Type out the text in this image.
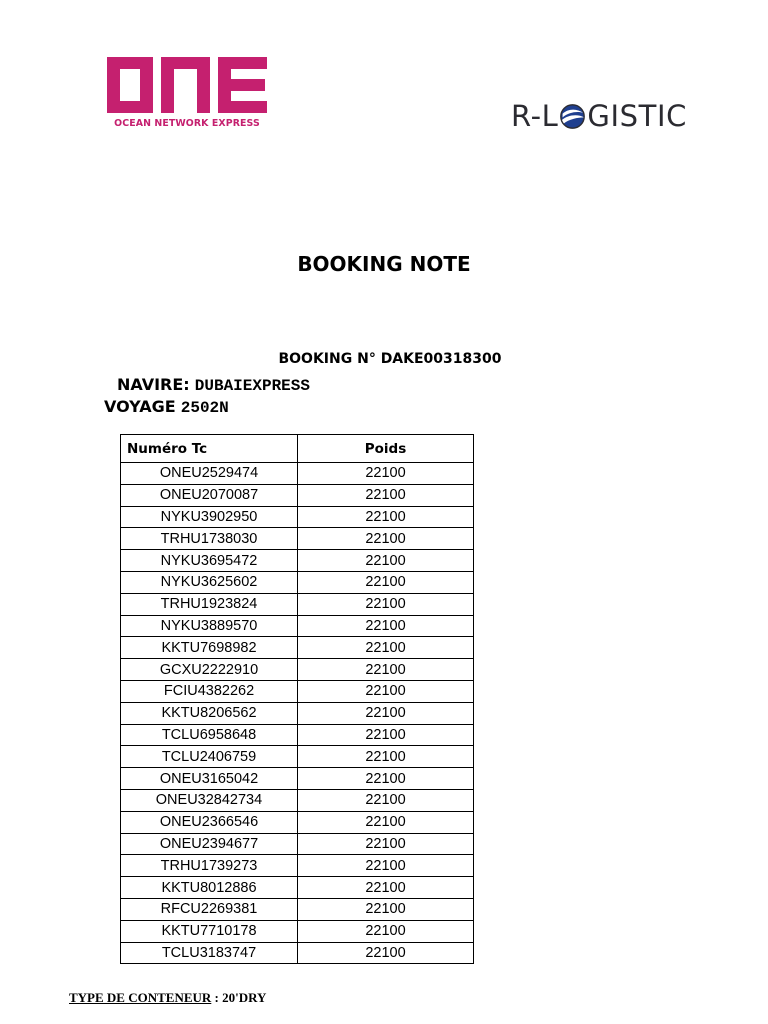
OCEAN NETWORK EXPRESS	R-L GISTIC
BOOKING NOTE
BOOKING N° DAKE00318300
NAVIRE: DUBAIEXPRESS
VOYAGE 2502N
Numéro Tc	Poids
ONEU2529474	22100
ONEU2070087	22100
NYKU3902950	22100
TRHU1738030	22100
NYKU3695472	22100
NYKU3625602	22100
TRHU1923824	22100
NYKU3889570	22100
KKTU7698982	22100
GCXU2222910	22100
FCIU4382262	22100
KKTU8206562	22100
TCLU6958648	22100
TCLU2406759	22100
ONEU3165042	22100
ONEU32842734	22100
ONEU2366546	22100
ONEU2394677	22100
TRHU1739273	22100
KKTU8012886	22100
RFCU2269381	22100
KKTU7710178	22100
TCLU3183747	22100
TYPE DE CONTENEUR : 20'DRY
